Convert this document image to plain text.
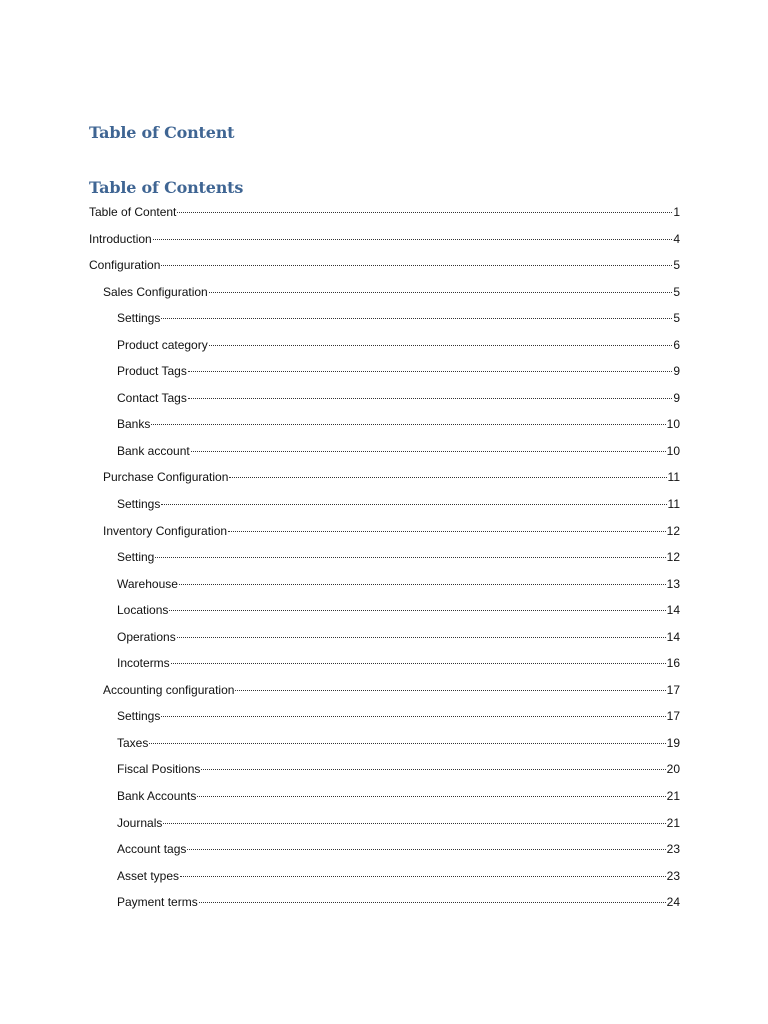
Table of Content
Table of Contents
Table of Content	1
Introduction	4
Configuration	5
Sales Configuration	5
Settings	5
Product category	6
Product Tags	9
Contact Tags	9
Banks	10
Bank account	10
Purchase Configuration	11
Settings	11
Inventory Configuration	12
Setting	12
Warehouse	13
Locations	14
Operations	14
Incoterms	16
Accounting configuration	17
Settings	17
Taxes	19
Fiscal Positions	20
Bank Accounts	21
Journals	21
Account tags	23
Asset types	23
Payment terms	24
